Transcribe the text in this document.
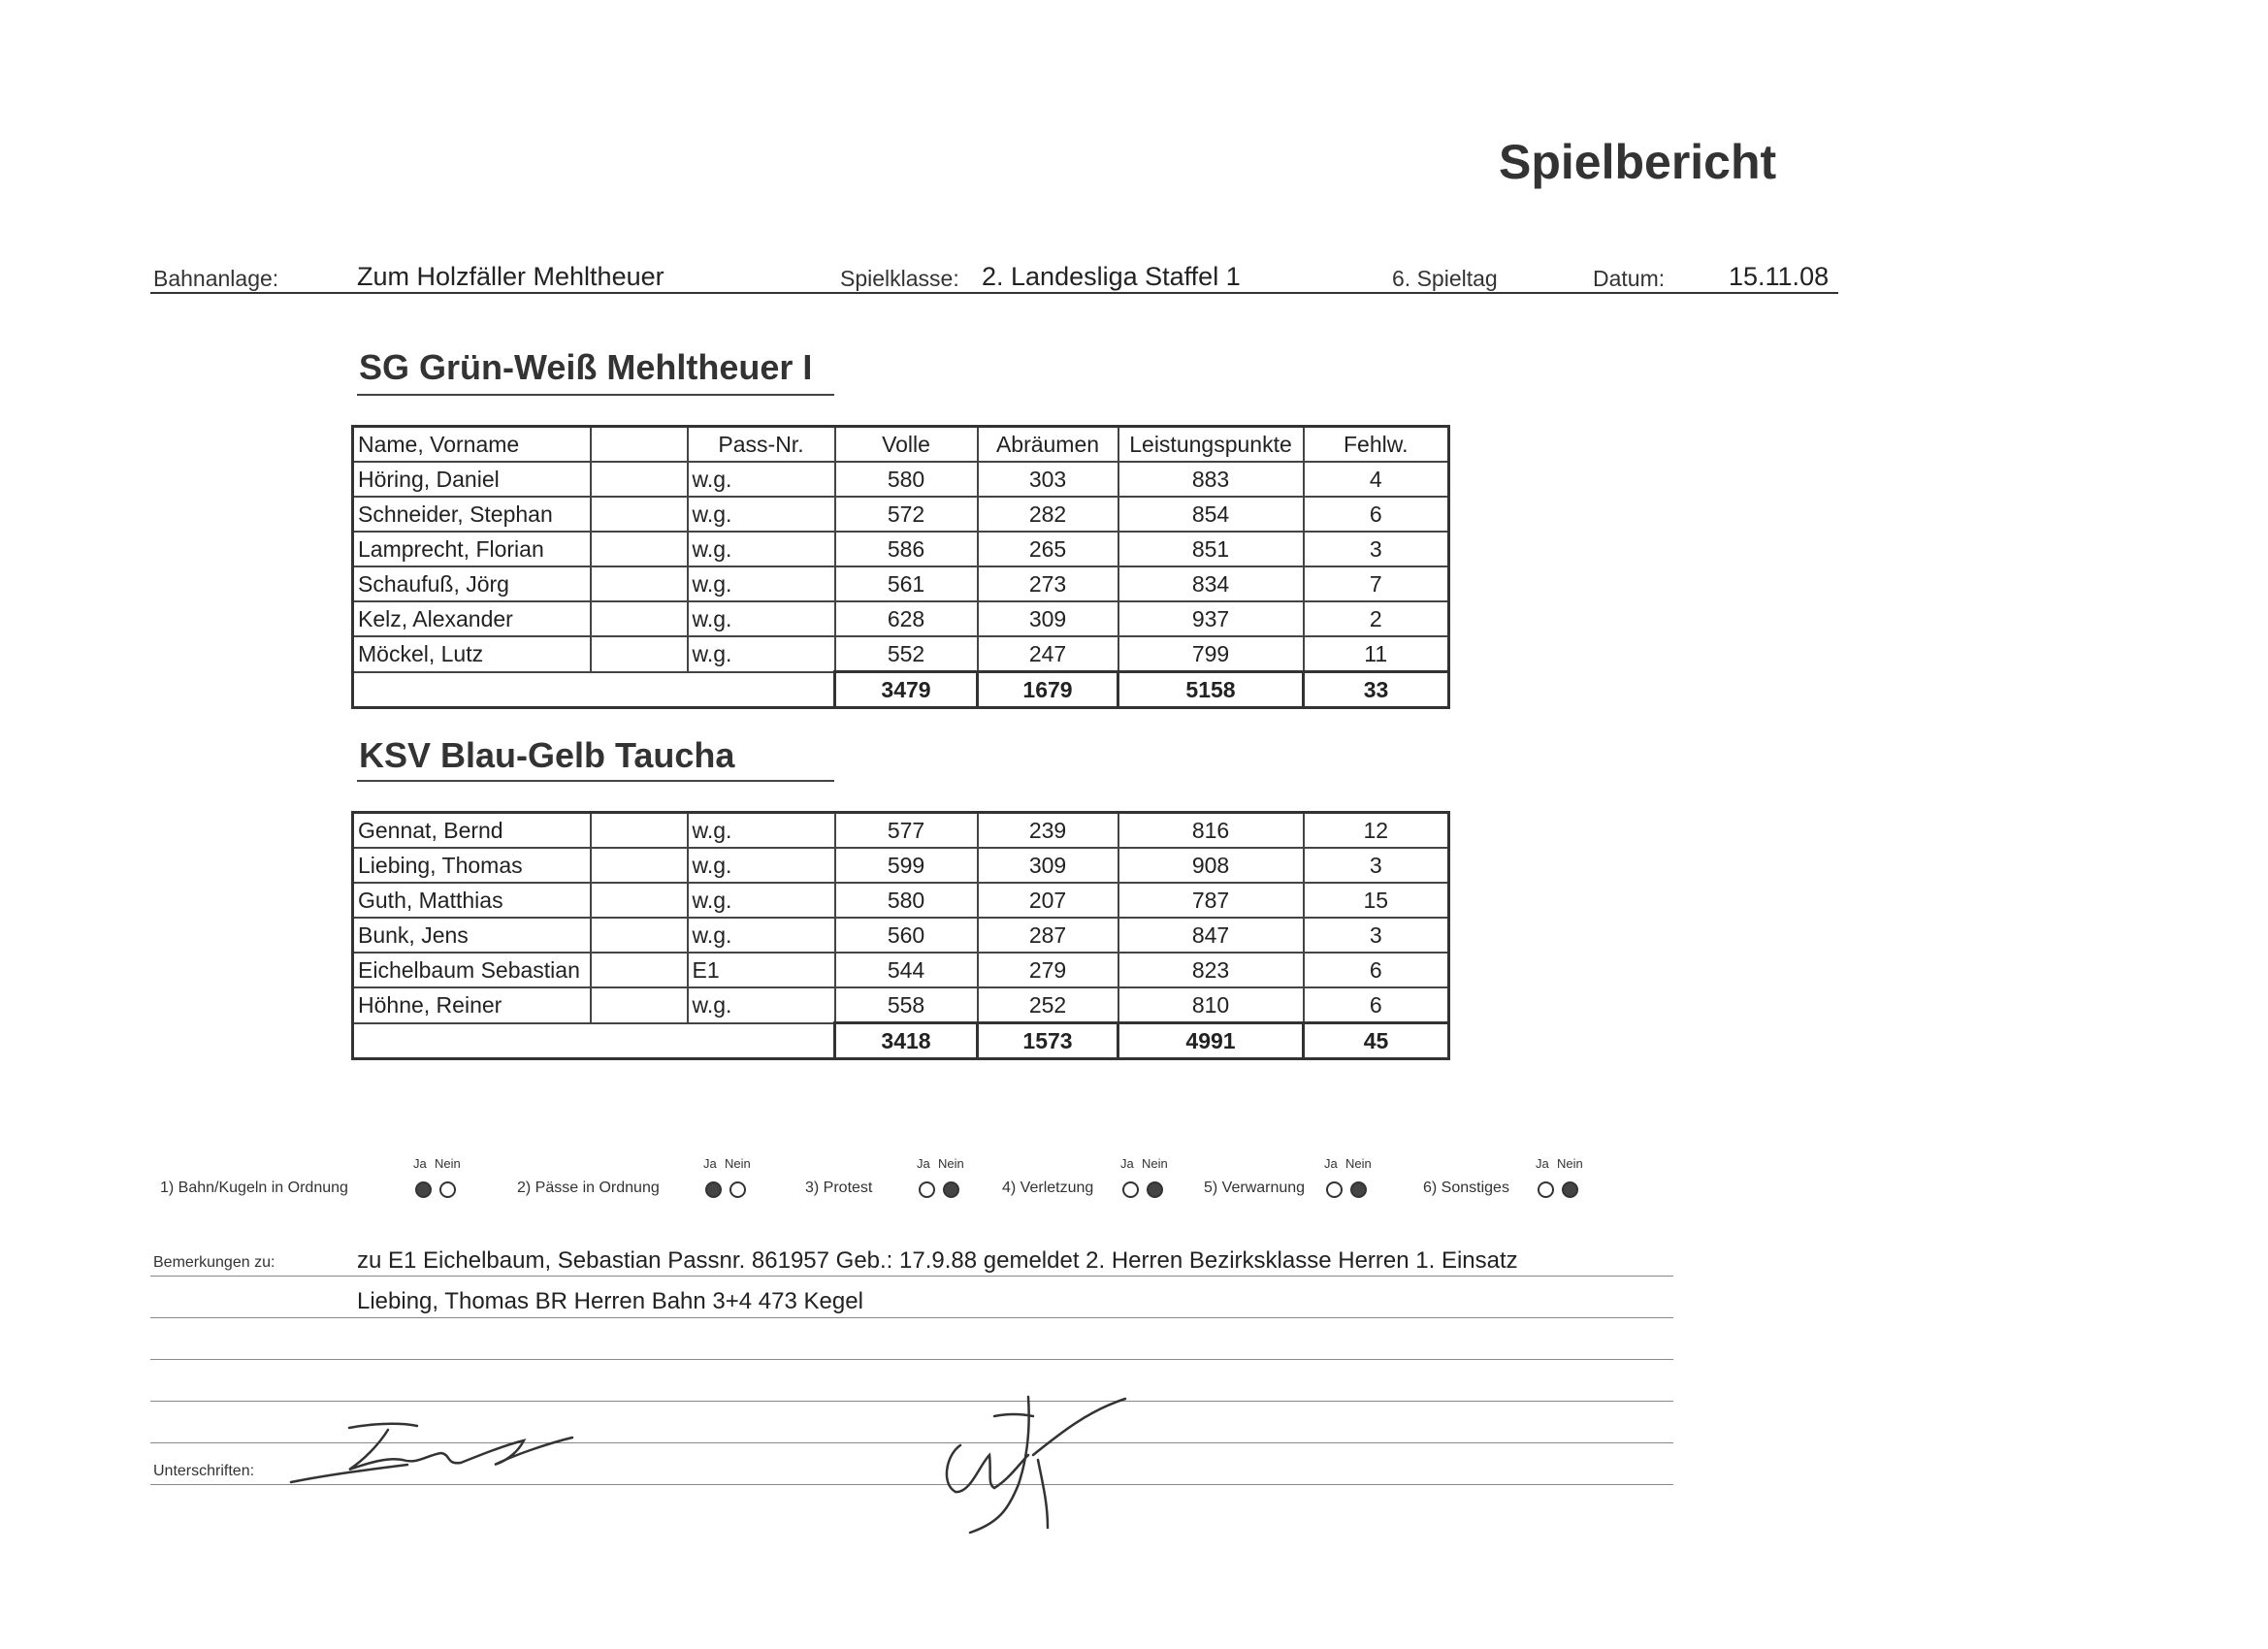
Spielbericht
Bahnanlage:	Zum Holzfäller Mehltheuer	Spielklasse: 2. Landesliga Staffel 1	6. Spieltag	Datum: 15.11.08
SG Grün-Weiß Mehltheuer I
Name, Vorname		Pass-Nr.	Volle	Abräumen	Leistungspunkte	Fehlw.
Höring, Daniel		w.g.	580	303	883	4
Schneider, Stephan		w.g.	572	282	854	6
Lamprecht, Florian		w.g.	586	265	851	3
Schaufuß, Jörg		w.g.	561	273	834	7
Kelz, Alexander		w.g.	628	309	937	2
Möckel, Lutz		w.g.	552	247	799	11
			3479	1679	5158	33
KSV Blau-Gelb Taucha
Gennat, Bernd		w.g.	577	239	816	12
Liebing, Thomas		w.g.	599	309	908	3
Guth, Matthias		w.g.	580	207	787	15
Bunk, Jens		w.g.	560	287	847	3
Eichelbaum Sebastian		E1	544	279	823	6
Höhne, Reiner		w.g.	558	252	810	6
			3418	1573	4991	45
1) Bahn/Kugeln in Ordnung
Ja Nein
2) Pässe in Ordnung
Ja Nein
3) Protest
Ja Nein
4) Verletzung
Ja Nein
5) Verwarnung
Ja Nein
6) Sonstiges
Ja Nein
Bemerkungen zu:	zu E1 Eichelbaum, Sebastian Passnr. 861957 Geb.: 17.9.88 gemeldet 2. Herren Bezirksklasse Herren 1. Einsatz
Liebing, Thomas BR Herren Bahn 3+4 473 Kegel
Unterschriften:
